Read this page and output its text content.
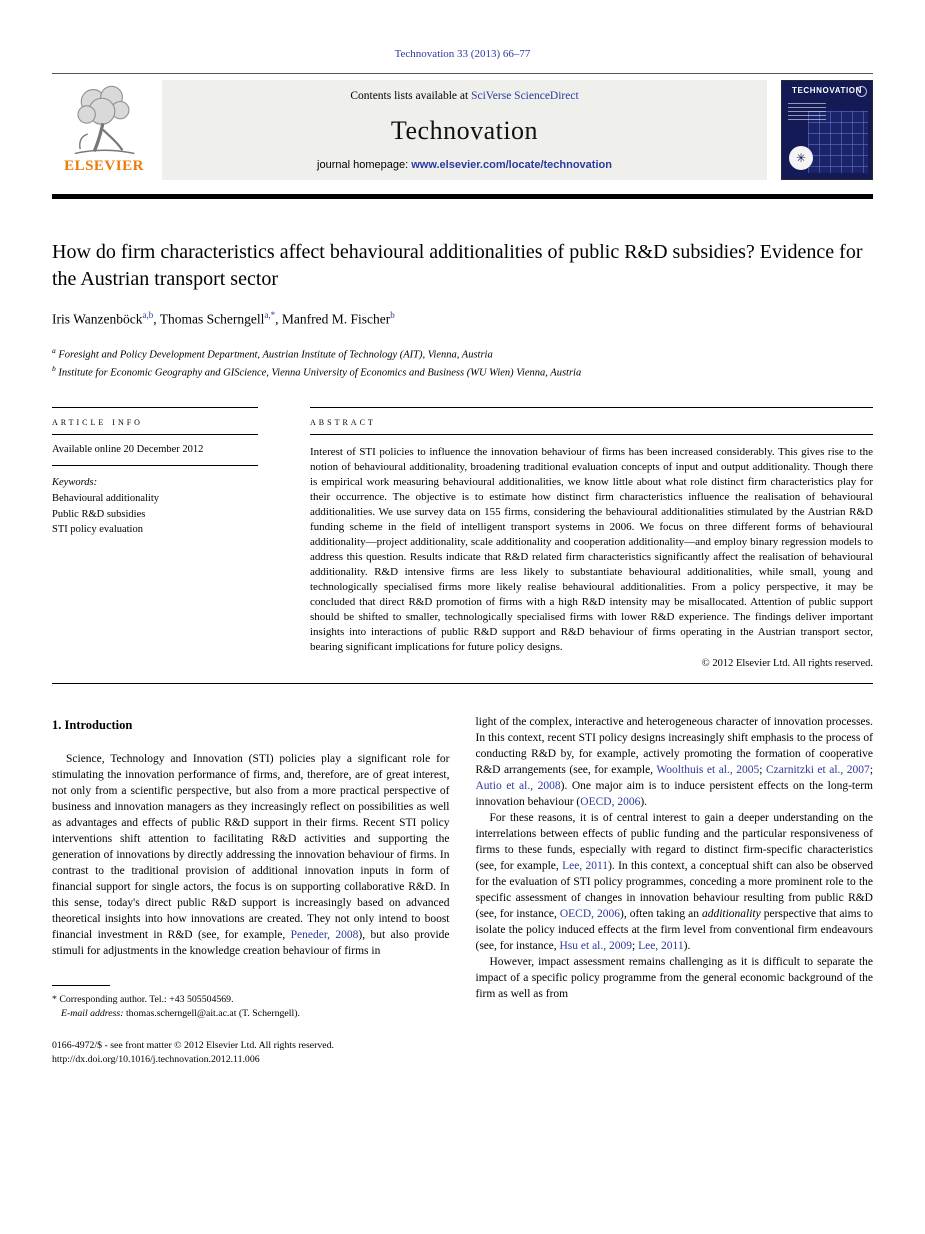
Technovation 33 (2013) 66–77
ELSEVIER
Contents lists available at SciVerse ScienceDirect
Technovation
journal homepage: www.elsevier.com/locate/technovation
TECHNOVATION
✳
How do firm characteristics affect behavioural additionalities of public R&D subsidies? Evidence for the Austrian transport sector
Iris Wanzenböck$^{a,b}$, Thomas Scherngell$^{a,*}$, Manfred M. Fischer$^b$
$^a$ Foresight and Policy Development Department, Austrian Institute of Technology (AIT), Vienna, Austria
$^b$ Institute for Economic Geography and GIScience, Vienna University of Economics and Business (WU Wien) Vienna, Austria
article info
Available online 20 December 2012
Keywords:
Behavioural additionality
Public R&D subsidies
STI policy evaluation
abstract

Interest of STI policies to influence the innovation behaviour of firms has been increased considerably. This gives rise to the notion of behavioural additionality, broadening traditional evaluation concepts of input and output additionality. Though there is empirical work measuring behavioural additionalities, we know little about what role distinct firm characteristics play for their occurrence. The objective is to estimate how distinct firm characteristics influence the realisation of behavioural additionalities. We use survey data on 155 firms, considering the behavioural additionalities stimulated by the Austrian R&D funding scheme in the field of intelligent transport systems in 2006. We focus on three different forms of behavioural additionality—project additionality, scale additionality and cooperation additionality—and employ binary regression models to address this question. Results indicate that R&D related firm characteristics significantly affect the realisation of behavioural additionality. R&D intensive firms are less likely to substantiate behavioural additionalities, while small, young and technologically specialised firms more likely realise behavioural additionalities. From a policy perspective, it may be concluded that direct R&D promotion of firms with a high R&D intensity may be misallocated. Attention of public support should be shifted to smaller, technologically specialised firms with lower R&D experience. The findings deliver important insights into interactions of public R&D support and R&D behaviour of firms operating in the Austrian transport sector, bearing significant implications for future policy designs.

© 2012 Elsevier Ltd. All rights reserved.
1. Introduction

Science, Technology and Innovation (STI) policies play a significant role for stimulating the innovation performance of firms, and, therefore, are of great interest, not only from a scientific perspective, but also from a more practical perspective of business and innovation managers as they increasingly reflect on possibilities as well as advantages and effects of public R&D support in their firms. Recent STI policy interventions shift attention to facilitating R&D activities and supporting the generation of innovations by directly addressing the innovation behaviour of firms. In contrast to the traditional provision of additional innovation inputs in form of financial support for single actors, the focus is on supporting collaborative R&D. In this sense, today's direct public R&D support is increasingly based on advanced theoretical insights into how innovations are created. They not only intend to boost financial investment in R&D (see, for example, Peneder, 2008), but also provide stimuli for adjustments in the knowledge creation behaviour of firms in

* Corresponding author. Tel.: +43 505504569.
E-mail address: thomas.scherngell@ait.ac.at (T. Scherngell).

light of the complex, interactive and heterogeneous character of innovation processes. In this context, recent STI policy designs increasingly shift emphasis to the process of conducting R&D by, for example, actively promoting the formation of cooperative R&D arrangements (see, for example, Woolthuis et al., 2005; Czarnitzki et al., 2007; Autio et al., 2008). One major aim is to induce persistent effects on the long-term innovation behaviour (OECD, 2006).

For these reasons, it is of central interest to gain a deeper understanding on the interrelations between effects of public funding and the particular responsiveness of firms to these funds, especially with regard to distinct firm-specific characteristics (see, for example, Lee, 2011). In this context, a conceptual shift can also be observed for the evaluation of STI policy programmes, conceding a more prominent role to the specific assessment of changes in innovation behaviour resulting from public R&D (see, for instance, OECD, 2006), often taking an additionality perspective that aims to isolate the policy induced effects at the firm level from conventional firm endeavours (see, for instance, Hsu et al., 2009; Lee, 2011).

However, impact assessment remains challenging as it is difficult to separate the impact of a specific policy programme from the general economic background of the firm as well as from

0166-4972/$ - see front matter © 2012 Elsevier Ltd. All rights reserved.
http://dx.doi.org/10.1016/j.technovation.2012.11.006
